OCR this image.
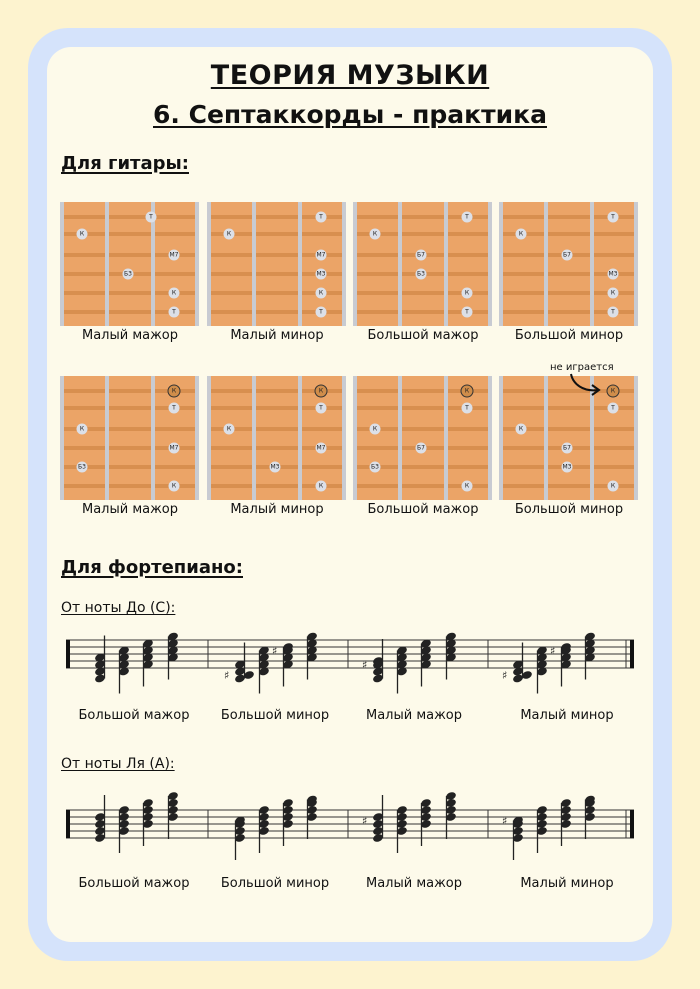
ТЕОРИЯ МУЗЫКИ
6. Септаккорды - практика
Для гитары:
Т
К
М7
Б3
К
Т
Малый мажор
Т
К
М7
М3
К
Т
Малый минор
Т
К
Б7
Б3
К
Т
Большой мажор
Т
К
Б7
М3
К
Т
Большой минор
К
Т
К
М7
Б3
К
Малый мажор
К
Т
К
М7
М3
К
Малый минор
К
Т
К
Б7
Б3
К
Большой мажор
К
Т
К
Б7
М3
К
Большой минор
не играется
Для фортепиано:
От ноты До (С):
От ноты Ля (А):
♯
♯
♯
♯
♯
♯	♯
Большой мажор	Большой минор	Малый мажор	Малый минор
Большой мажор	Большой минор	Малый мажор	Малый минор
